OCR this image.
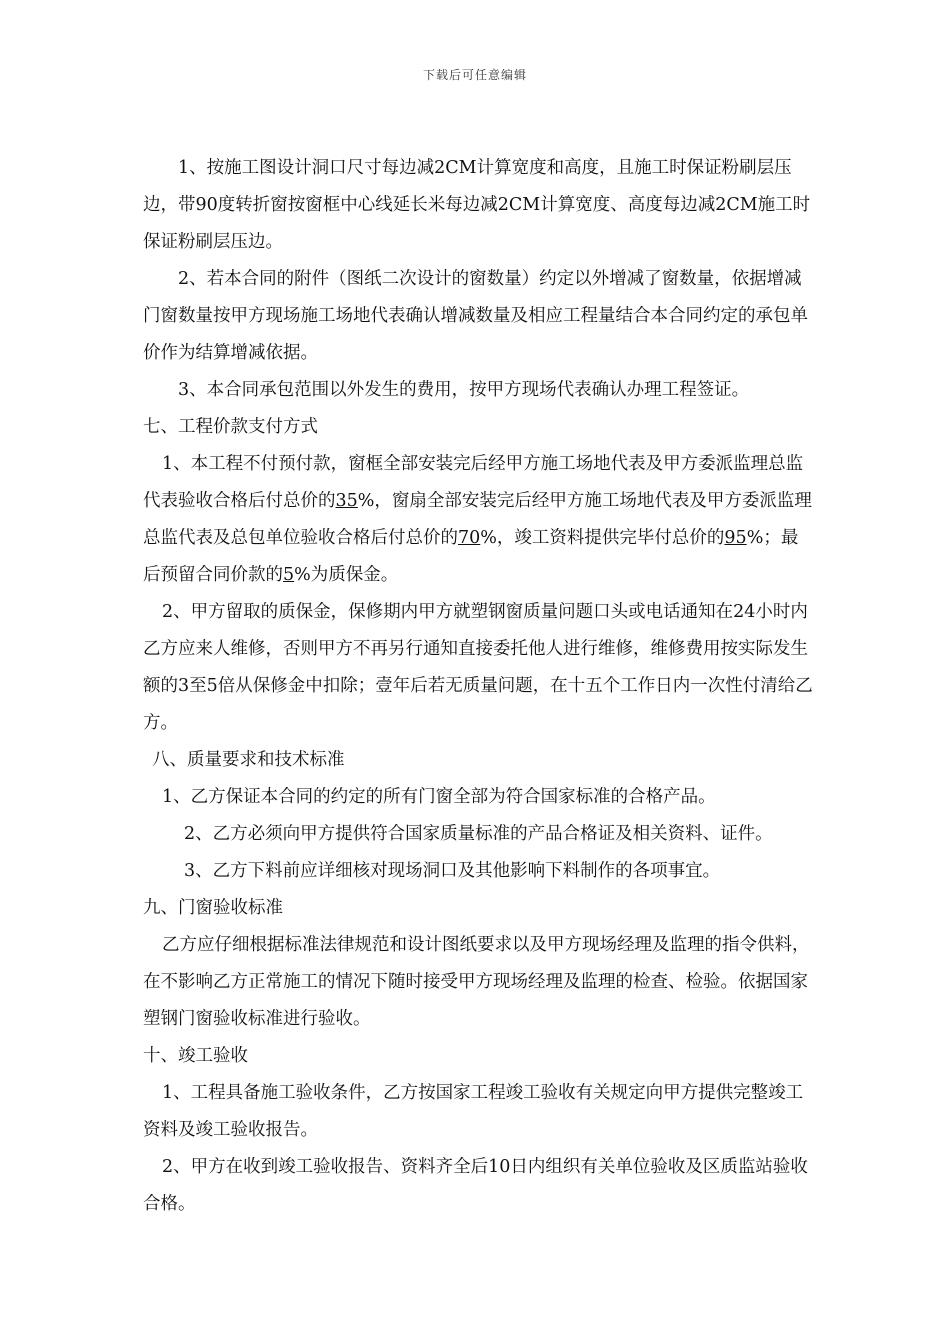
下载后可任意编辑

1、按施工图设计洞口尺寸每边减2CM计算宽度和高度，且施工时保证粉刷层压边，带90度转折窗按窗框中心线延长米每边减2CM计算宽度、高度每边减2CM施工时保证粉刷层压边。

2、若本合同的附件（图纸二次设计的窗数量）约定以外增减了窗数量，依据增减门窗数量按甲方现场施工场地代表确认增减数量及相应工程量结合本合同约定的承包单价作为结算增减依据。

3、本合同承包范围以外发生的费用，按甲方现场代表确认办理工程签证。

七、工程价款支付方式

1、本工程不付预付款，窗框全部安装完后经甲方施工场地代表及甲方委派监理总监代表验收合格后付总价的35%，窗扇全部安装完后经甲方施工场地代表及甲方委派监理总监代表及总包单位验收合格后付总价的70%，竣工资料提供完毕付总价的95%；最后预留合同价款的5%为质保金。

2、甲方留取的质保金，保修期内甲方就塑钢窗质量问题口头或电话通知在24小时内乙方应来人维修，否则甲方不再另行通知直接委托他人进行维修，维修费用按实际发生额的3至5倍从保修金中扣除；壹年后若无质量问题，在十五个工作日内一次性付清给乙方。

八、质量要求和技术标准

1、乙方保证本合同的约定的所有门窗全部为符合国家标准的合格产品。

2、乙方必须向甲方提供符合国家质量标准的产品合格证及相关资料、证件。

3、乙方下料前应详细核对现场洞口及其他影响下料制作的各项事宜。

九、门窗验收标准

乙方应仔细根据标准法律规范和设计图纸要求以及甲方现场经理及监理的指令供料，在不影响乙方正常施工的情况下随时接受甲方现场经理及监理的检查、检验。依据国家塑钢门窗验收标准进行验收。

十、竣工验收

1、工程具备施工验收条件，乙方按国家工程竣工验收有关规定向甲方提供完整竣工资料及竣工验收报告。

2、甲方在收到竣工验收报告、资料齐全后10日内组织有关单位验收及区质监站验收合格。
